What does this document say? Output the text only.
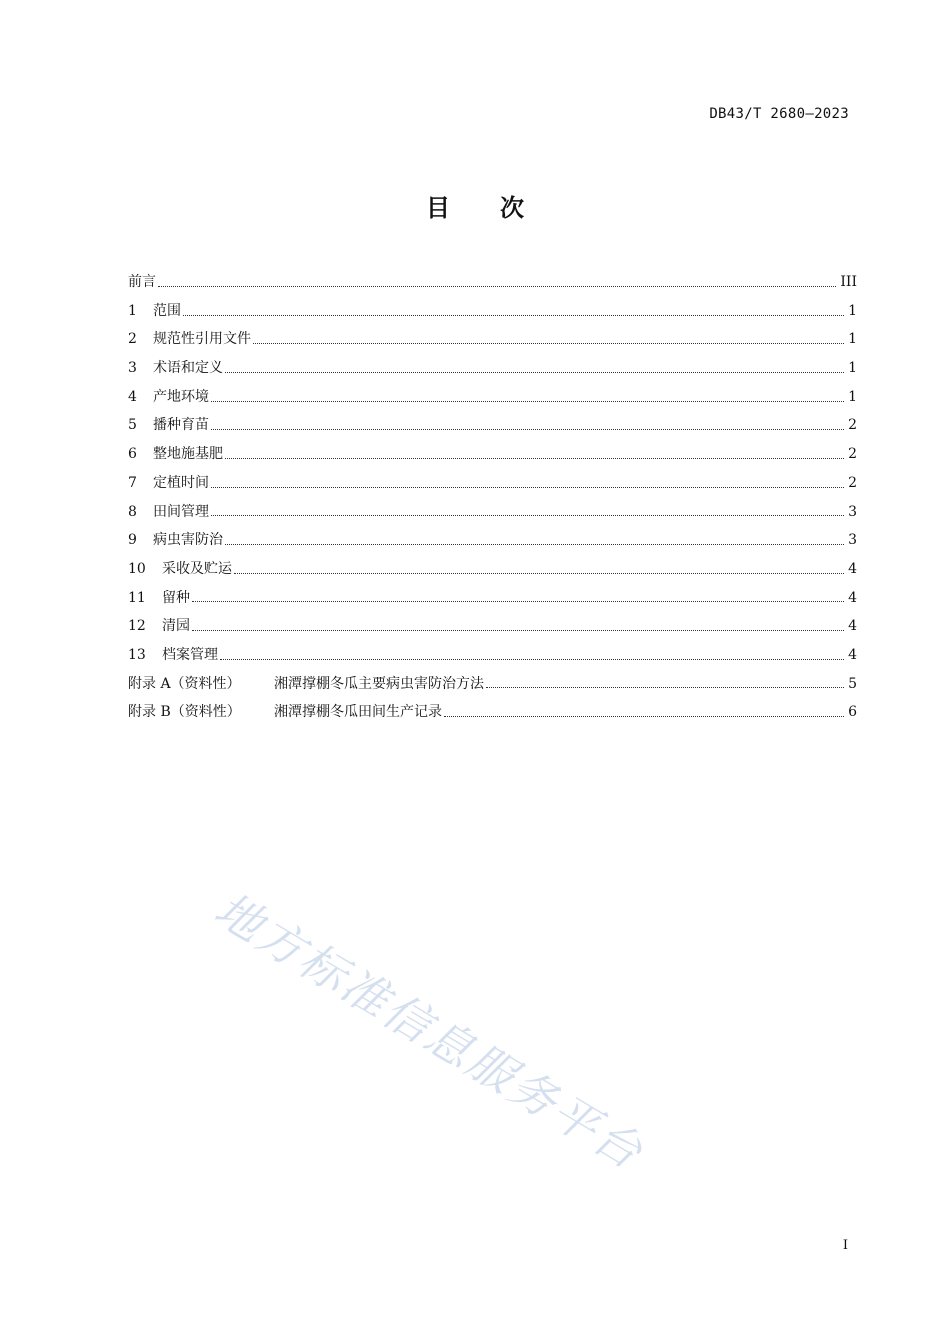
DB43/T 2680—2023
目 次
前言	III
1	范围	1
2	规范性引用文件	1
3	术语和定义	1
4	产地环境	1
5	播种育苗	2
6	整地施基肥	2
7	定植时间	2
8	田间管理	3
9	病虫害防治	3
10	采收及贮运	4
11	留种	4
12	清园	4
13	档案管理	4
附录 A（资料性）	湘潭撑棚冬瓜主要病虫害防治方法	5
附录 B（资料性）	湘潭撑棚冬瓜田间生产记录	6
地方标准信息服务平台
I
